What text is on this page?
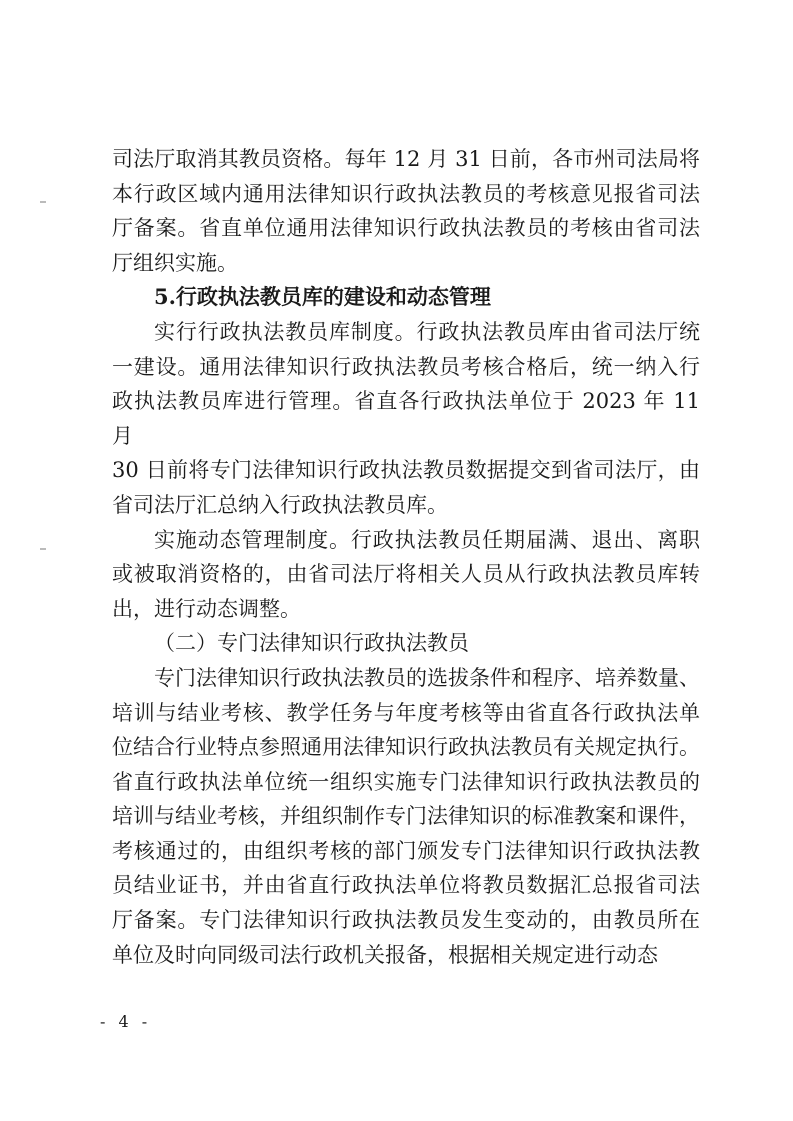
司法厅取消其教员资格。每年 12 月 31 日前，各市州司法局将

本行政区域内通用法律知识行政执法教员的考核意见报省司法

厅备案。省直单位通用法律知识行政执法教员的考核由省司法

厅组织实施。

5.行政执法教员库的建设和动态管理

实行行政执法教员库制度。行政执法教员库由省司法厅统

一建设。通用法律知识行政执法教员考核合格后，统一纳入行

政执法教员库进行管理。省直各行政执法单位于 2023 年 11 月

30 日前将专门法律知识行政执法教员数据提交到省司法厅，由

省司法厅汇总纳入行政执法教员库。

实施动态管理制度。行政执法教员任期届满、退出、离职

或被取消资格的，由省司法厅将相关人员从行政执法教员库转

出，进行动态调整。

（二）专门法律知识行政执法教员

专门法律知识行政执法教员的选拔条件和程序、培养数量、

培训与结业考核、教学任务与年度考核等由省直各行政执法单

位结合行业特点参照通用法律知识行政执法教员有关规定执行。

省直行政执法单位统一组织实施专门法律知识行政执法教员的

培训与结业考核，并组织制作专门法律知识的标准教案和课件，

考核通过的，由组织考核的部门颁发专门法律知识行政执法教

员结业证书，并由省直行政执法单位将教员数据汇总报省司法

厅备案。专门法律知识行政执法教员发生变动的，由教员所在

单位及时向同级司法行政机关报备，根据相关规定进行动态

- 4 -
